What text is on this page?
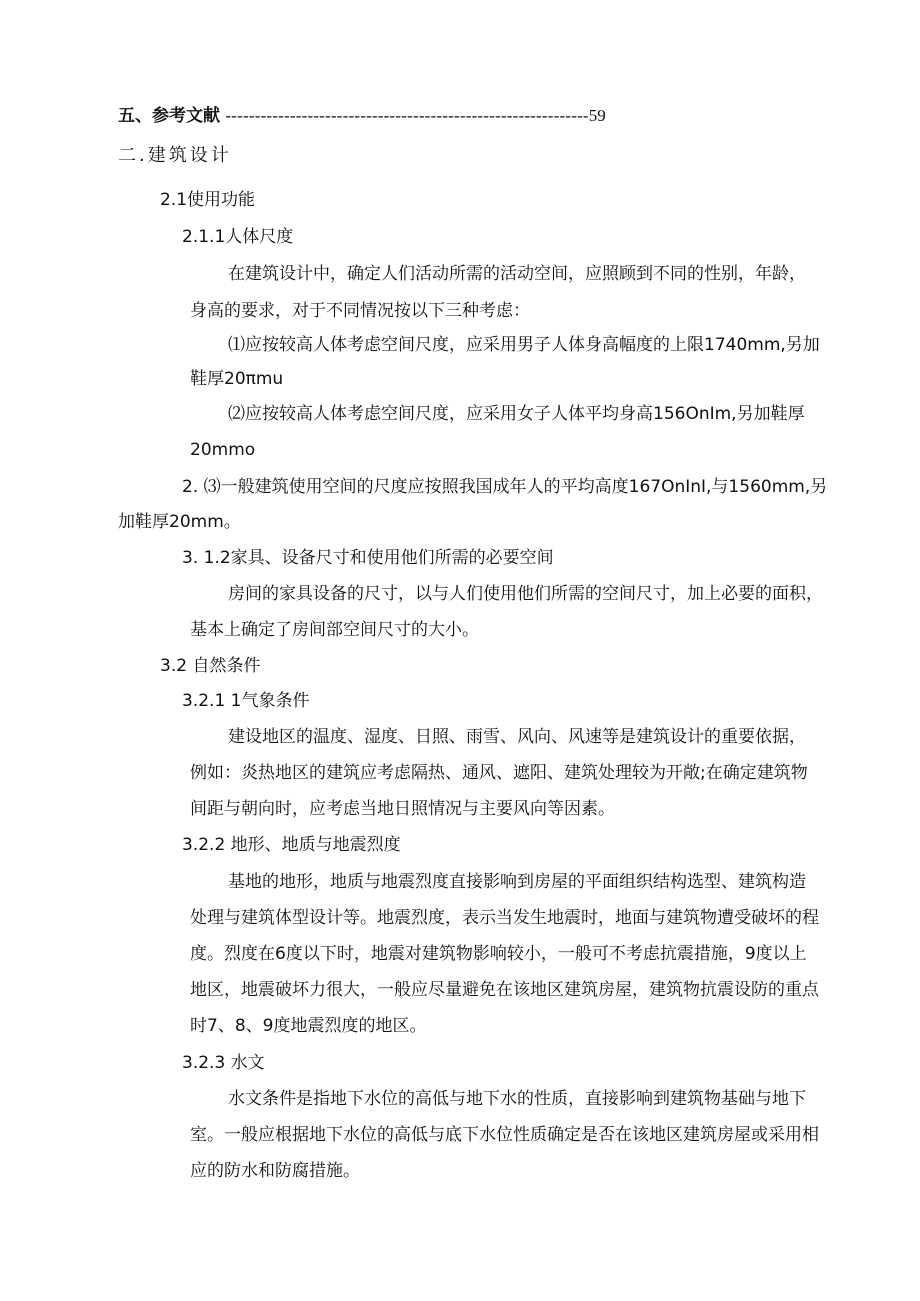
五、参考文献 --------------------------------------------------------------59
二.建筑设计
2.1使用功能
2.1.1人体尺度
在建筑设计中，确定人们活动所需的活动空间，应照顾到不同的性别，年龄，
身高的要求，对于不同情况按以下三种考虑：
⑴应按较高人体考虑空间尺度，应采用男子人体身高幅度的上限1740mm,另加
鞋厚20πmu
⑵应按较高人体考虑空间尺度，应采用女子人体平均身高156OnIm,另加鞋厚
20mmo
2. ⑶一般建筑使用空间的尺度应按照我国成年人的平均高度167OnInI,与1560mm,另
加鞋厚20mm。
3. 1.2家具、设备尺寸和使用他们所需的必要空间
房间的家具设备的尺寸，以与人们使用他们所需的空间尺寸，加上必要的面积，
基本上确定了房间部空间尺寸的大小。
3.2 自然条件
3.2.1 1气象条件
建设地区的温度、湿度、日照、雨雪、风向、风速等是建筑设计的重要依据，
例如：炎热地区的建筑应考虑隔热、通风、遮阳、建筑处理较为开敞;在确定建筑物
间距与朝向时，应考虑当地日照情况与主要风向等因素。
3.2.2 地形、地质与地震烈度
基地的地形，地质与地震烈度直接影响到房屋的平面组织结构选型、建筑构造
处理与建筑体型设计等。地震烈度，表示当发生地震时，地面与建筑物遭受破坏的程
度。烈度在6度以下时，地震对建筑物影响较小，一般可不考虑抗震措施，9度以上
地区，地震破坏力很大，一般应尽量避免在该地区建筑房屋，建筑物抗震设防的重点
时7、8、9度地震烈度的地区。
3.2.3 水文
水文条件是指地下水位的高低与地下水的性质，直接影响到建筑物基础与地下
室。一般应根据地下水位的高低与底下水位性质确定是否在该地区建筑房屋或采用相
应的防水和防腐措施。
